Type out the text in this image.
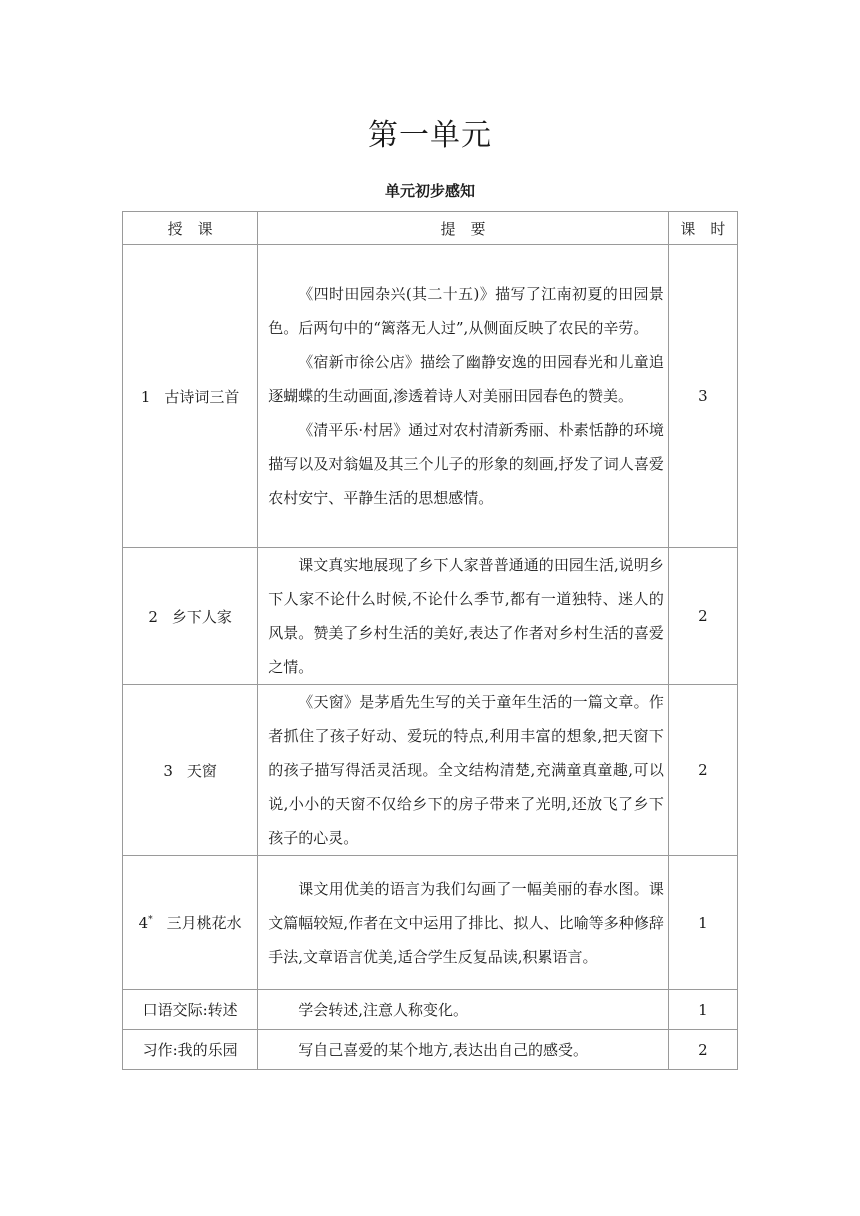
第一单元
单元初步感知
授　课	提　要	课　时
1 古诗词三首	《四时田园杂兴(其二十五)》描写了江南初夏的田园景色。后两句中的“篱落无人过”,从侧面反映了农民的辛劳。

《宿新市徐公店》描绘了幽静安逸的田园春光和儿童追逐蝴蝶的生动画面,渗透着诗人对美丽田园春色的赞美。

《清平乐·村居》通过对农村清新秀丽、朴素恬静的环境描写以及对翁媪及其三个儿子的形象的刻画,抒发了词人喜爱农村安宁、平静生活的思想感情。	3
2 乡下人家	课文真实地展现了乡下人家普普通通的田园生活,说明乡下人家不论什么时候,不论什么季节,都有一道独特、迷人的风景。赞美了乡村生活的美好,表达了作者对乡村生活的喜爱之情。	2
3 天窗	《天窗》是茅盾先生写的关于童年生活的一篇文章。作者抓住了孩子好动、爱玩的特点,利用丰富的想象,把天窗下的孩子描写得活灵活现。全文结构清楚,充满童真童趣,可以说,小小的天窗不仅给乡下的房子带来了光明,还放飞了乡下孩子的心灵。	2
4* 三月桃花水	课文用优美的语言为我们勾画了一幅美丽的春水图。课文篇幅较短,作者在文中运用了排比、拟人、比喻等多种修辞手法,文章语言优美,适合学生反复品读,积累语言。	1
口语交际:转述	学会转述,注意人称变化。	1
习作:我的乐园	写自己喜爱的某个地方,表达出自己的感受。	2
